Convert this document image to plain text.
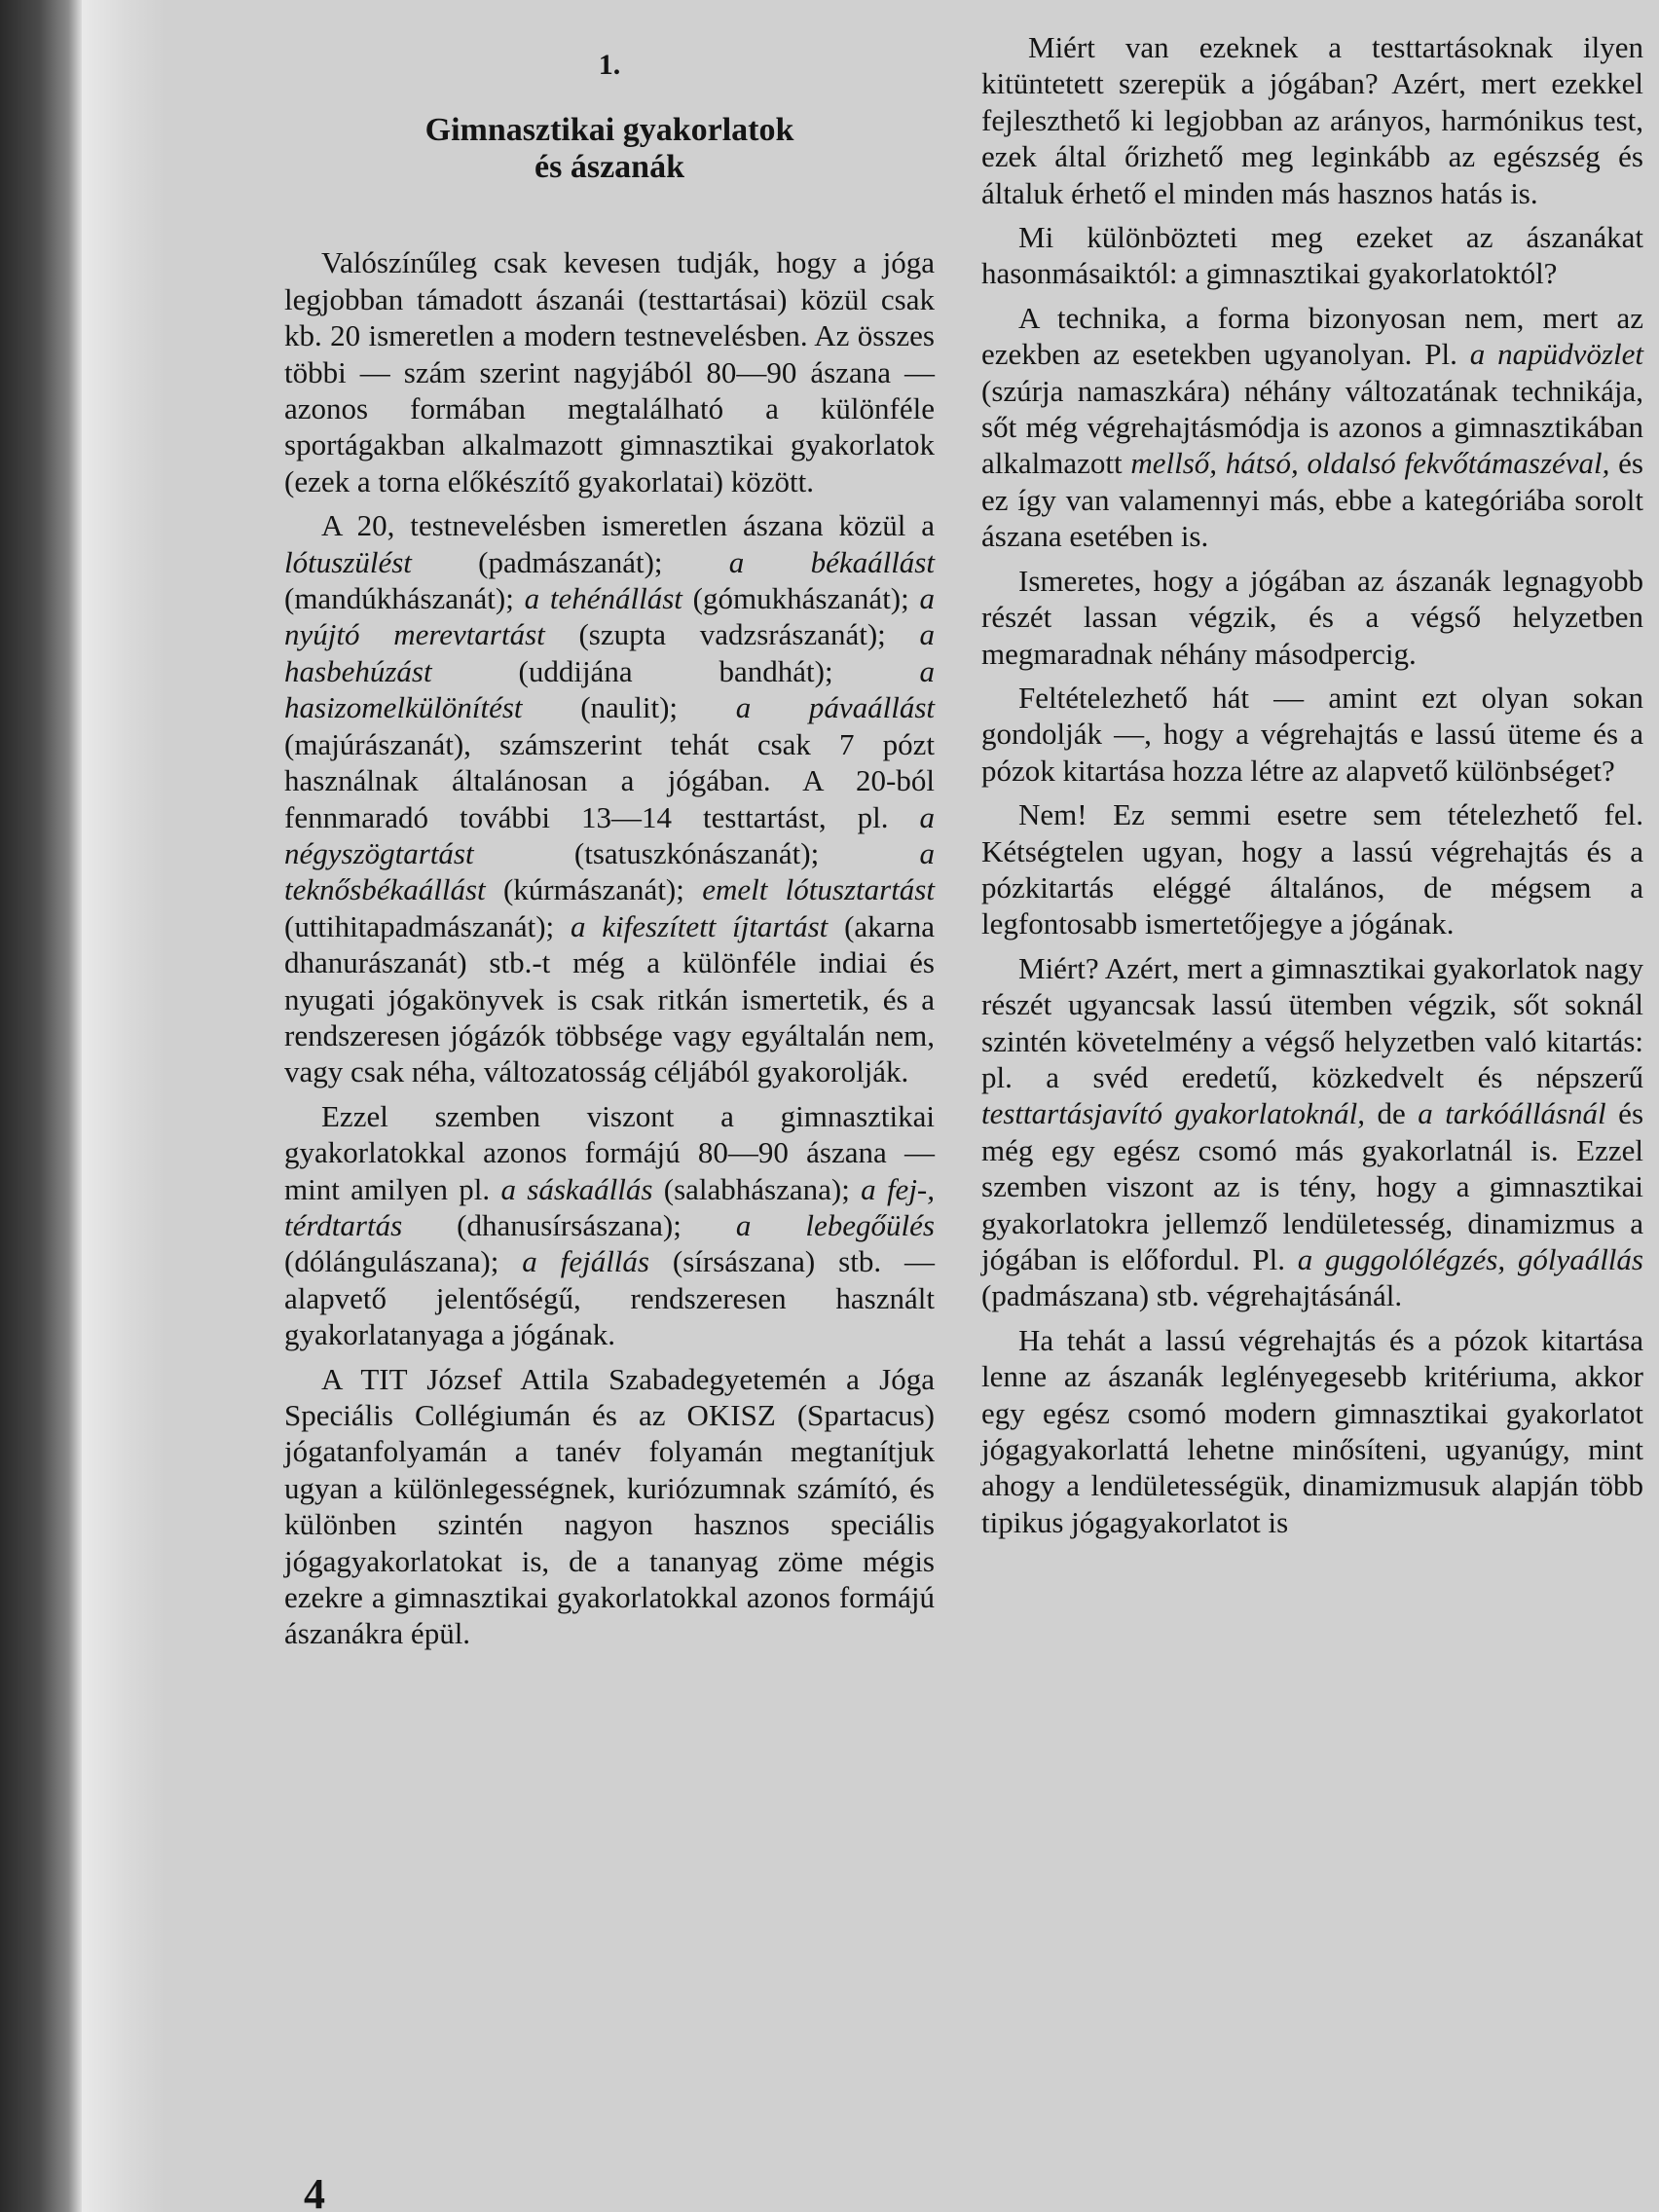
1.
Gimnasztikai gyakorlatok
és ászanák

Valószínűleg csak kevesen tudják, hogy a jóga legjobban támadott ászanái (testtartásai) közül csak kb. 20 ismeretlen a modern testnevelésben. Az összes többi — szám szerint nagyjából 80—90 ászana — azonos formában megtalálható a különféle sportágakban alkalmazott gimnasztikai gyakorlatok (ezek a torna előkészítő gyakorlatai) között.

A 20, testnevelésben ismeretlen ászana közül a lótuszülést (padmászanát); a békaállást (mandúkhászanát); a tehénállást (gómukhászanát); a nyújtó merevtartást (szupta vadzsrászanát); a hasbehúzást (uddijána bandhát); a hasizomelkülönítést (naulit); a pávaállást (majúrászanát), számszerint tehát csak 7 pózt használnak általánosan a jógában. A 20-ból fennmaradó további 13—14 testtartást, pl. a négyszögtartást (tsatuszkónászanát); a teknősbékaállást (kúrmászanát); emelt lótusztartást (uttihitapadmászanát); a kifeszített íjtartást (akarna dhanurászanát) stb.-t még a különféle indiai és nyugati jógakönyvek is csak ritkán ismertetik, és a rendszeresen jógázók többsége vagy egyáltalán nem, vagy csak néha, változatosság céljából gyakorolják.

Ezzel szemben viszont a gimnasztikai gyakorlatokkal azonos formájú 80—90 ászana — mint amilyen pl. a sáskaállás (salabhászana); a fej-, térdtartás (dhanusírsászana); a lebegőülés (dólángulászana); a fejállás (sírsászana) stb. — alapvető jelentőségű, rendszeresen használt gyakorlatanyaga a jógának.

A TIT József Attila Szabadegyetemén a Jóga Speciális Collégiumán és az OKISZ (Spartacus) jógatanfolyamán a tanév folyamán megtanítjuk ugyan a különlegességnek, kuriózumnak számító, és különben szintén nagyon hasznos speciális jógagyakorlatokat is, de a tananyag zöme mégis ezekre a gimnasztikai gyakorlatokkal azonos formájú ászanákra épül.

Miért van ezeknek a testtartásoknak ilyen kitüntetett szerepük a jógában? Azért, mert ezekkel fejleszthető ki legjobban az arányos, harmónikus test, ezek által őrizhető meg leginkább az egészség és általuk érhető el minden más hasznos hatás is.

Mi különbözteti meg ezeket az ászanákat hasonmásaiktól: a gimnasztikai gyakorlatoktól?

A technika, a forma bizonyosan nem, mert az ezekben az esetekben ugyanolyan. Pl. a napüdvözlet (szúrja namaszkára) néhány változatának technikája, sőt még végrehajtásmódja is azonos a gimnasztikában alkalmazott mellső, hátsó, oldalsó fekvőtámaszéval, és ez így van valamennyi más, ebbe a kategóriába sorolt ászana esetében is.

Ismeretes, hogy a jógában az ászanák legnagyobb részét lassan végzik, és a végső helyzetben megmaradnak néhány másodpercig.

Feltételezhető hát — amint ezt olyan sokan gondolják —, hogy a végrehajtás e lassú üteme és a pózok kitartása hozza létre az alapvető különbséget?

Nem! Ez semmi esetre sem tételezhető fel. Kétségtelen ugyan, hogy a lassú végrehajtás és a pózkitartás eléggé általános, de mégsem a legfontosabb ismertetőjegye a jógának.

Miért? Azért, mert a gimnasztikai gyakorlatok nagy részét ugyancsak lassú ütemben végzik, sőt soknál szintén követelmény a végső helyzetben való kitartás: pl. a svéd eredetű, közkedvelt és népszerű testtartásjavító gyakorlatoknál, de a tarkóállásnál és még egy egész csomó más gyakorlatnál is. Ezzel szemben viszont az is tény, hogy a gimnasztikai gyakorlatokra jellemző lendületesség, dinamizmus a jógában is előfordul. Pl. a guggolólégzés, gólyaállás (padmászana) stb. végrehajtásánál.

Ha tehát a lassú végrehajtás és a pózok kitartása lenne az ászanák leglényegesebb kritériuma, akkor egy egész csomó modern gimnasztikai gyakorlatot jógagyakorlattá lehetne minősíteni, ugyanúgy, mint ahogy a lendületességük, dinamizmusuk alapján több tipikus jógagyakorlatot is

4
